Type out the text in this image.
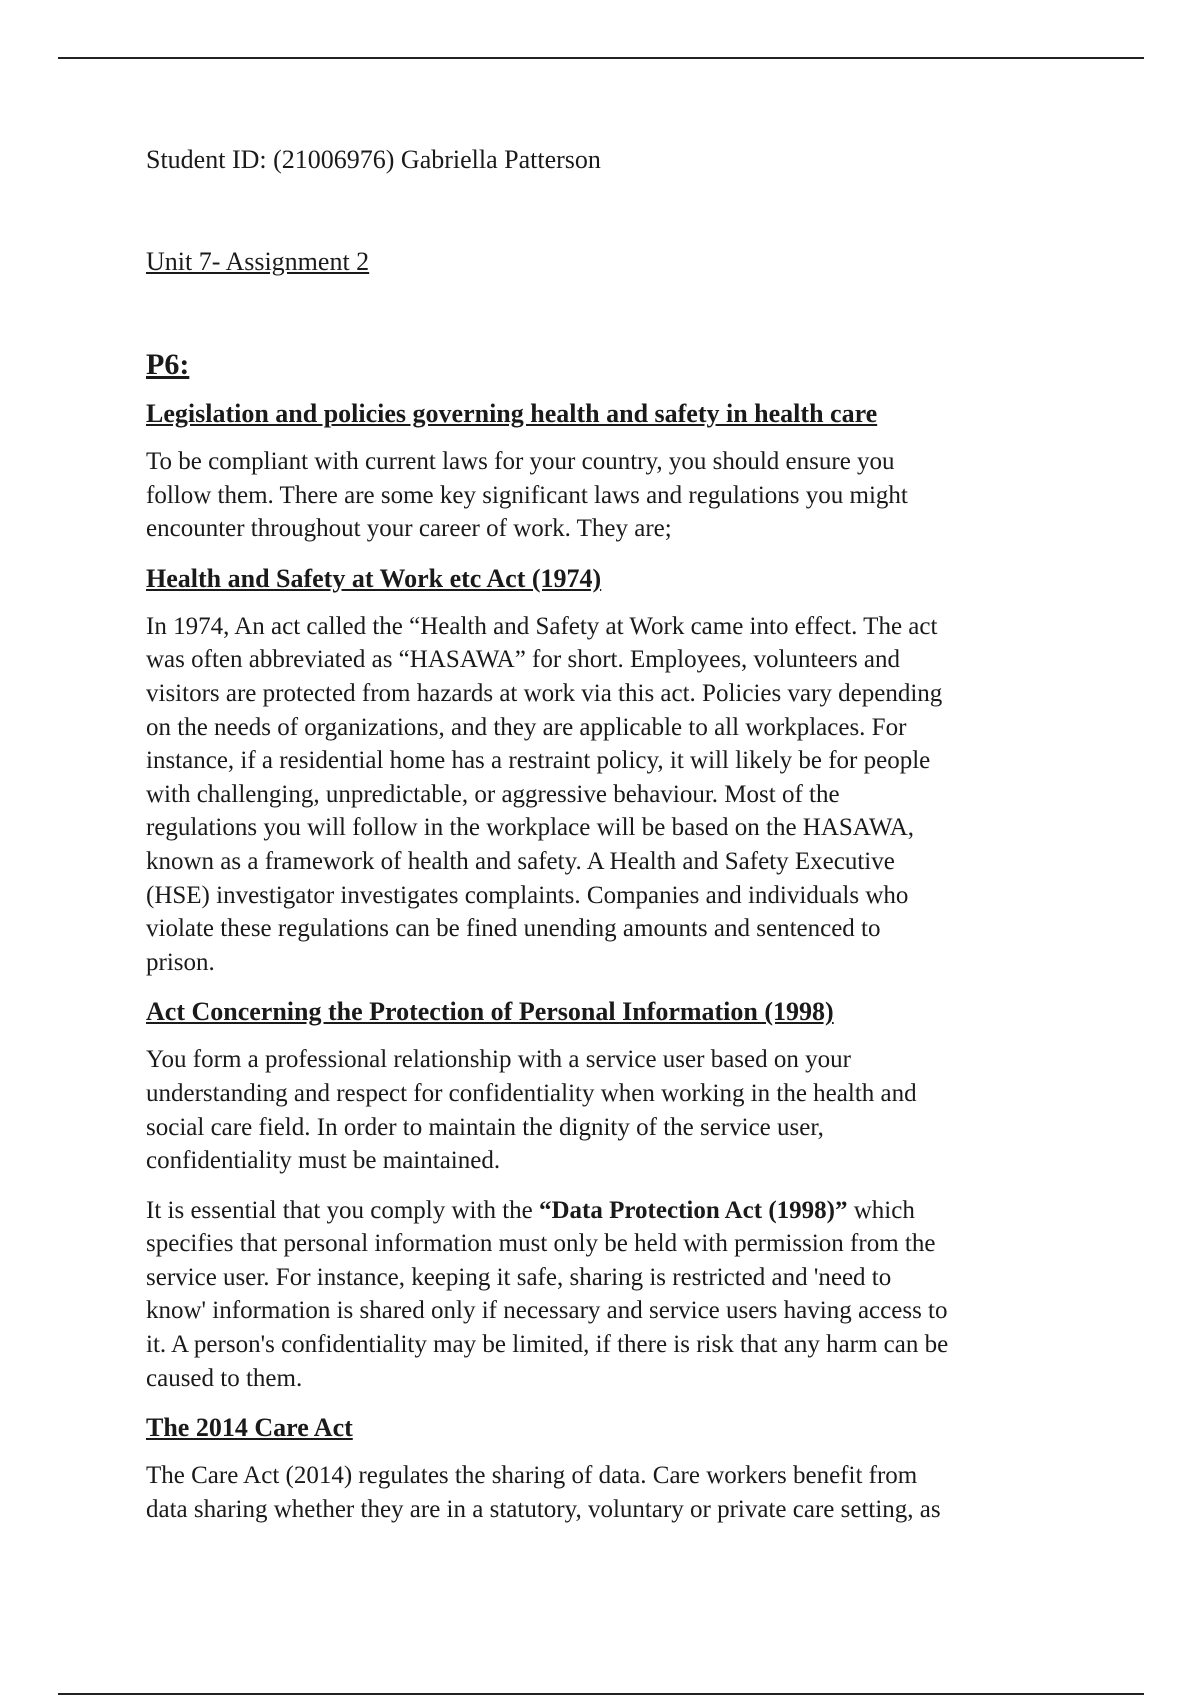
Student ID: (21006976) Gabriella Patterson
Unit 7- Assignment 2
P6:
Legislation and policies governing health and safety in health care
To be compliant with current laws for your country, you should ensure you
follow them. There are some key significant laws and regulations you might
encounter throughout your career of work. They are;
Health and Safety at Work etc Act (1974)
In 1974, An act called the “Health and Safety at Work came into effect. The act
was often abbreviated as “HASAWA” for short. Employees, volunteers and
visitors are protected from hazards at work via this act. Policies vary depending
on the needs of organizations, and they are applicable to all workplaces. For
instance, if a residential home has a restraint policy, it will likely be for people
with challenging, unpredictable, or aggressive behaviour. Most of the
regulations you will follow in the workplace will be based on the HASAWA,
known as a framework of health and safety. A Health and Safety Executive
(HSE) investigator investigates complaints. Companies and individuals who
violate these regulations can be fined unending amounts and sentenced to
prison.
Act Concerning the Protection of Personal Information (1998)
You form a professional relationship with a service user based on your
understanding and respect for confidentiality when working in the health and
social care field. In order to maintain the dignity of the service user,
confidentiality must be maintained.
It is essential that you comply with the “Data Protection Act (1998)” which
specifies that personal information must only be held with permission from the
service user. For instance, keeping it safe, sharing is restricted and 'need to
know' information is shared only if necessary and service users having access to
it. A person's confidentiality may be limited, if there is risk that any harm can be
caused to them.
The 2014 Care Act
The Care Act (2014) regulates the sharing of data. Care workers benefit from
data sharing whether they are in a statutory, voluntary or private care setting, as
